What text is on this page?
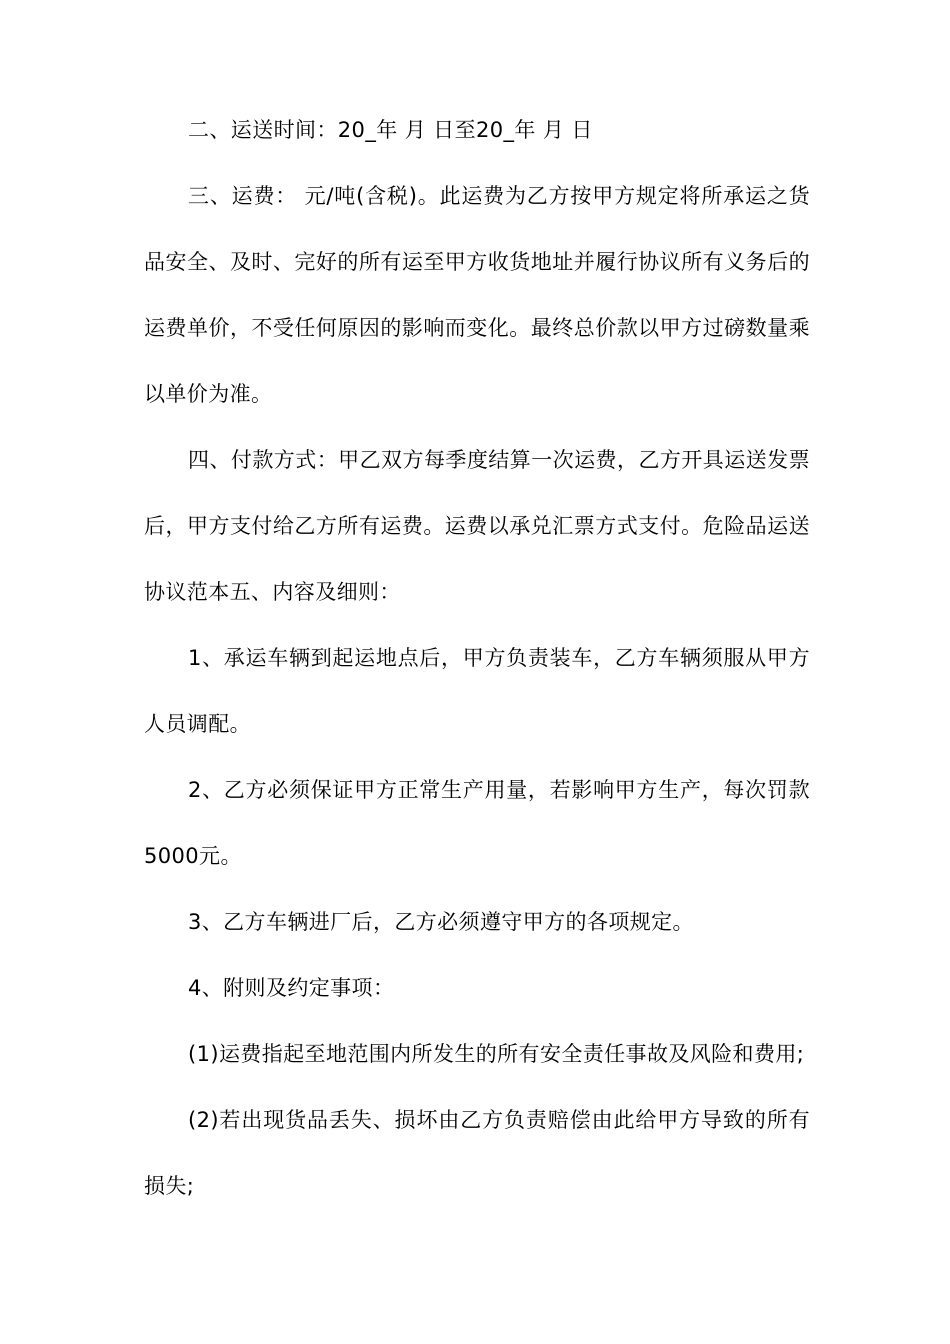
二、运送时间：20_年 月 日至20_年 月 日

三、运费： 元/吨(含税)。此运费为乙方按甲方规定将所承运之货品安全、及时、完好的所有运至甲方收货地址并履行协议所有义务后的运费单价，不受任何原因的影响而变化。最终总价款以甲方过磅数量乘以单价为准。

四、付款方式：甲乙双方每季度结算一次运费，乙方开具运送发票后，甲方支付给乙方所有运费。运费以承兑汇票方式支付。危险品运送协议范本五、内容及细则：

1、承运车辆到起运地点后，甲方负责装车，乙方车辆须服从甲方人员调配。

2、乙方必须保证甲方正常生产用量，若影响甲方生产，每次罚款5000元。

3、乙方车辆进厂后，乙方必须遵守甲方的各项规定。

4、附则及约定事项：

(1)运费指起至地范围内所发生的所有安全责任事故及风险和费用;

(2)若出现货品丢失、损坏由乙方负责赔偿由此给甲方导致的所有损失;
